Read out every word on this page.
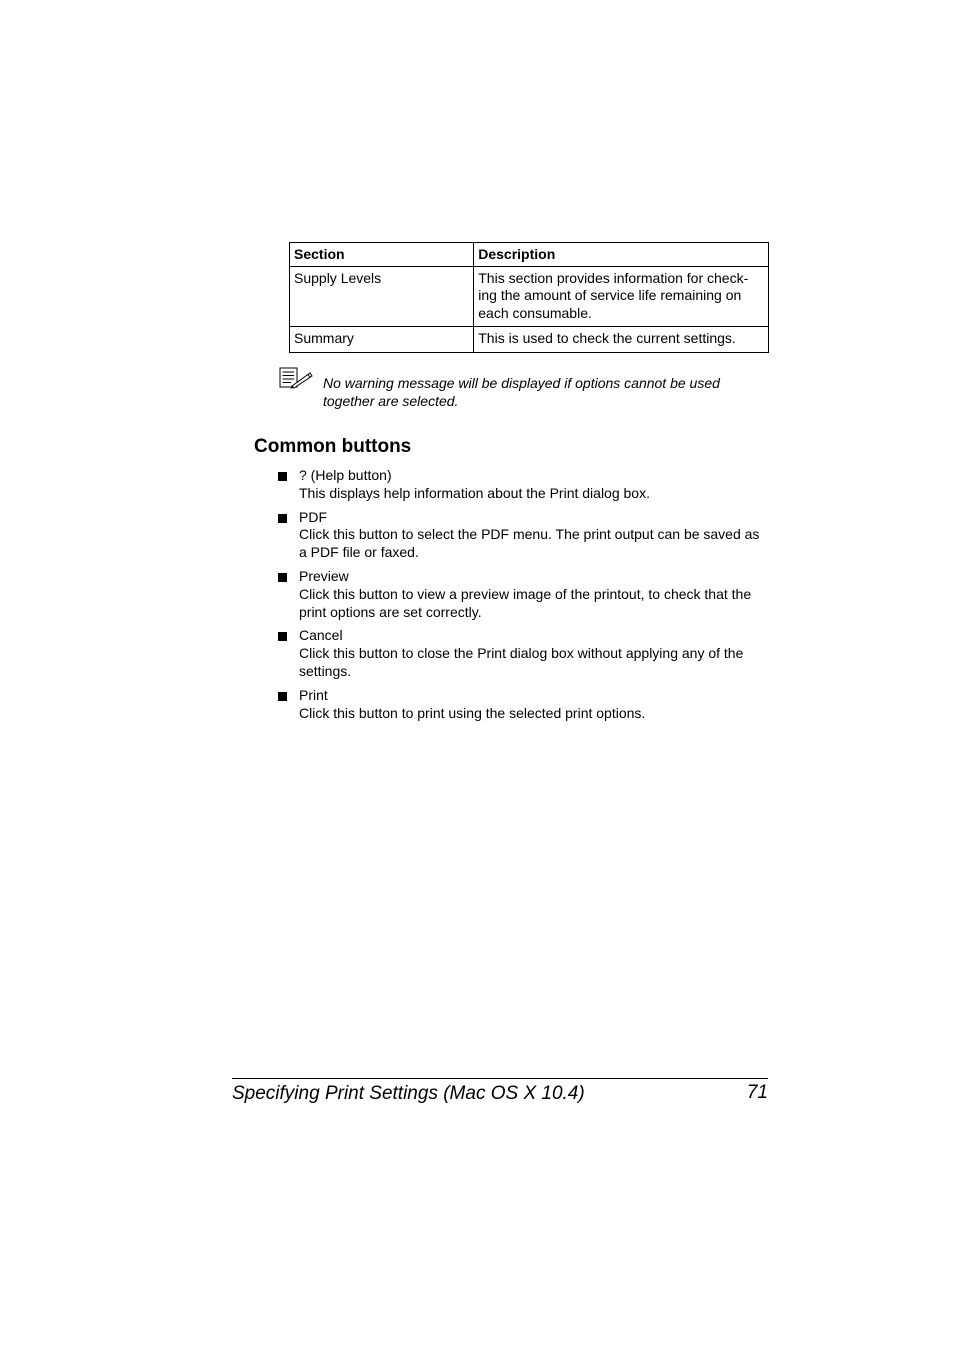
Section	Description
Supply Levels	This section provides information for check-
ing the amount of service life remaining on
each consumable.
Summary	This is used to check the current settings.

No warning message will be displayed if options cannot be used together are selected.

Common buttons
? (Help button)
This displays help information about the Print dialog box.
PDF
Click this button to select the PDF menu. The print output can be saved as a PDF file or faxed.
Preview
Click this button to view a preview image of the printout, to check that the print options are set correctly.
Cancel
Click this button to close the Print dialog box without applying any of the settings.
Print
Click this button to print using the selected print options.
Specifying Print Settings (Mac OS X 10.4)	71
